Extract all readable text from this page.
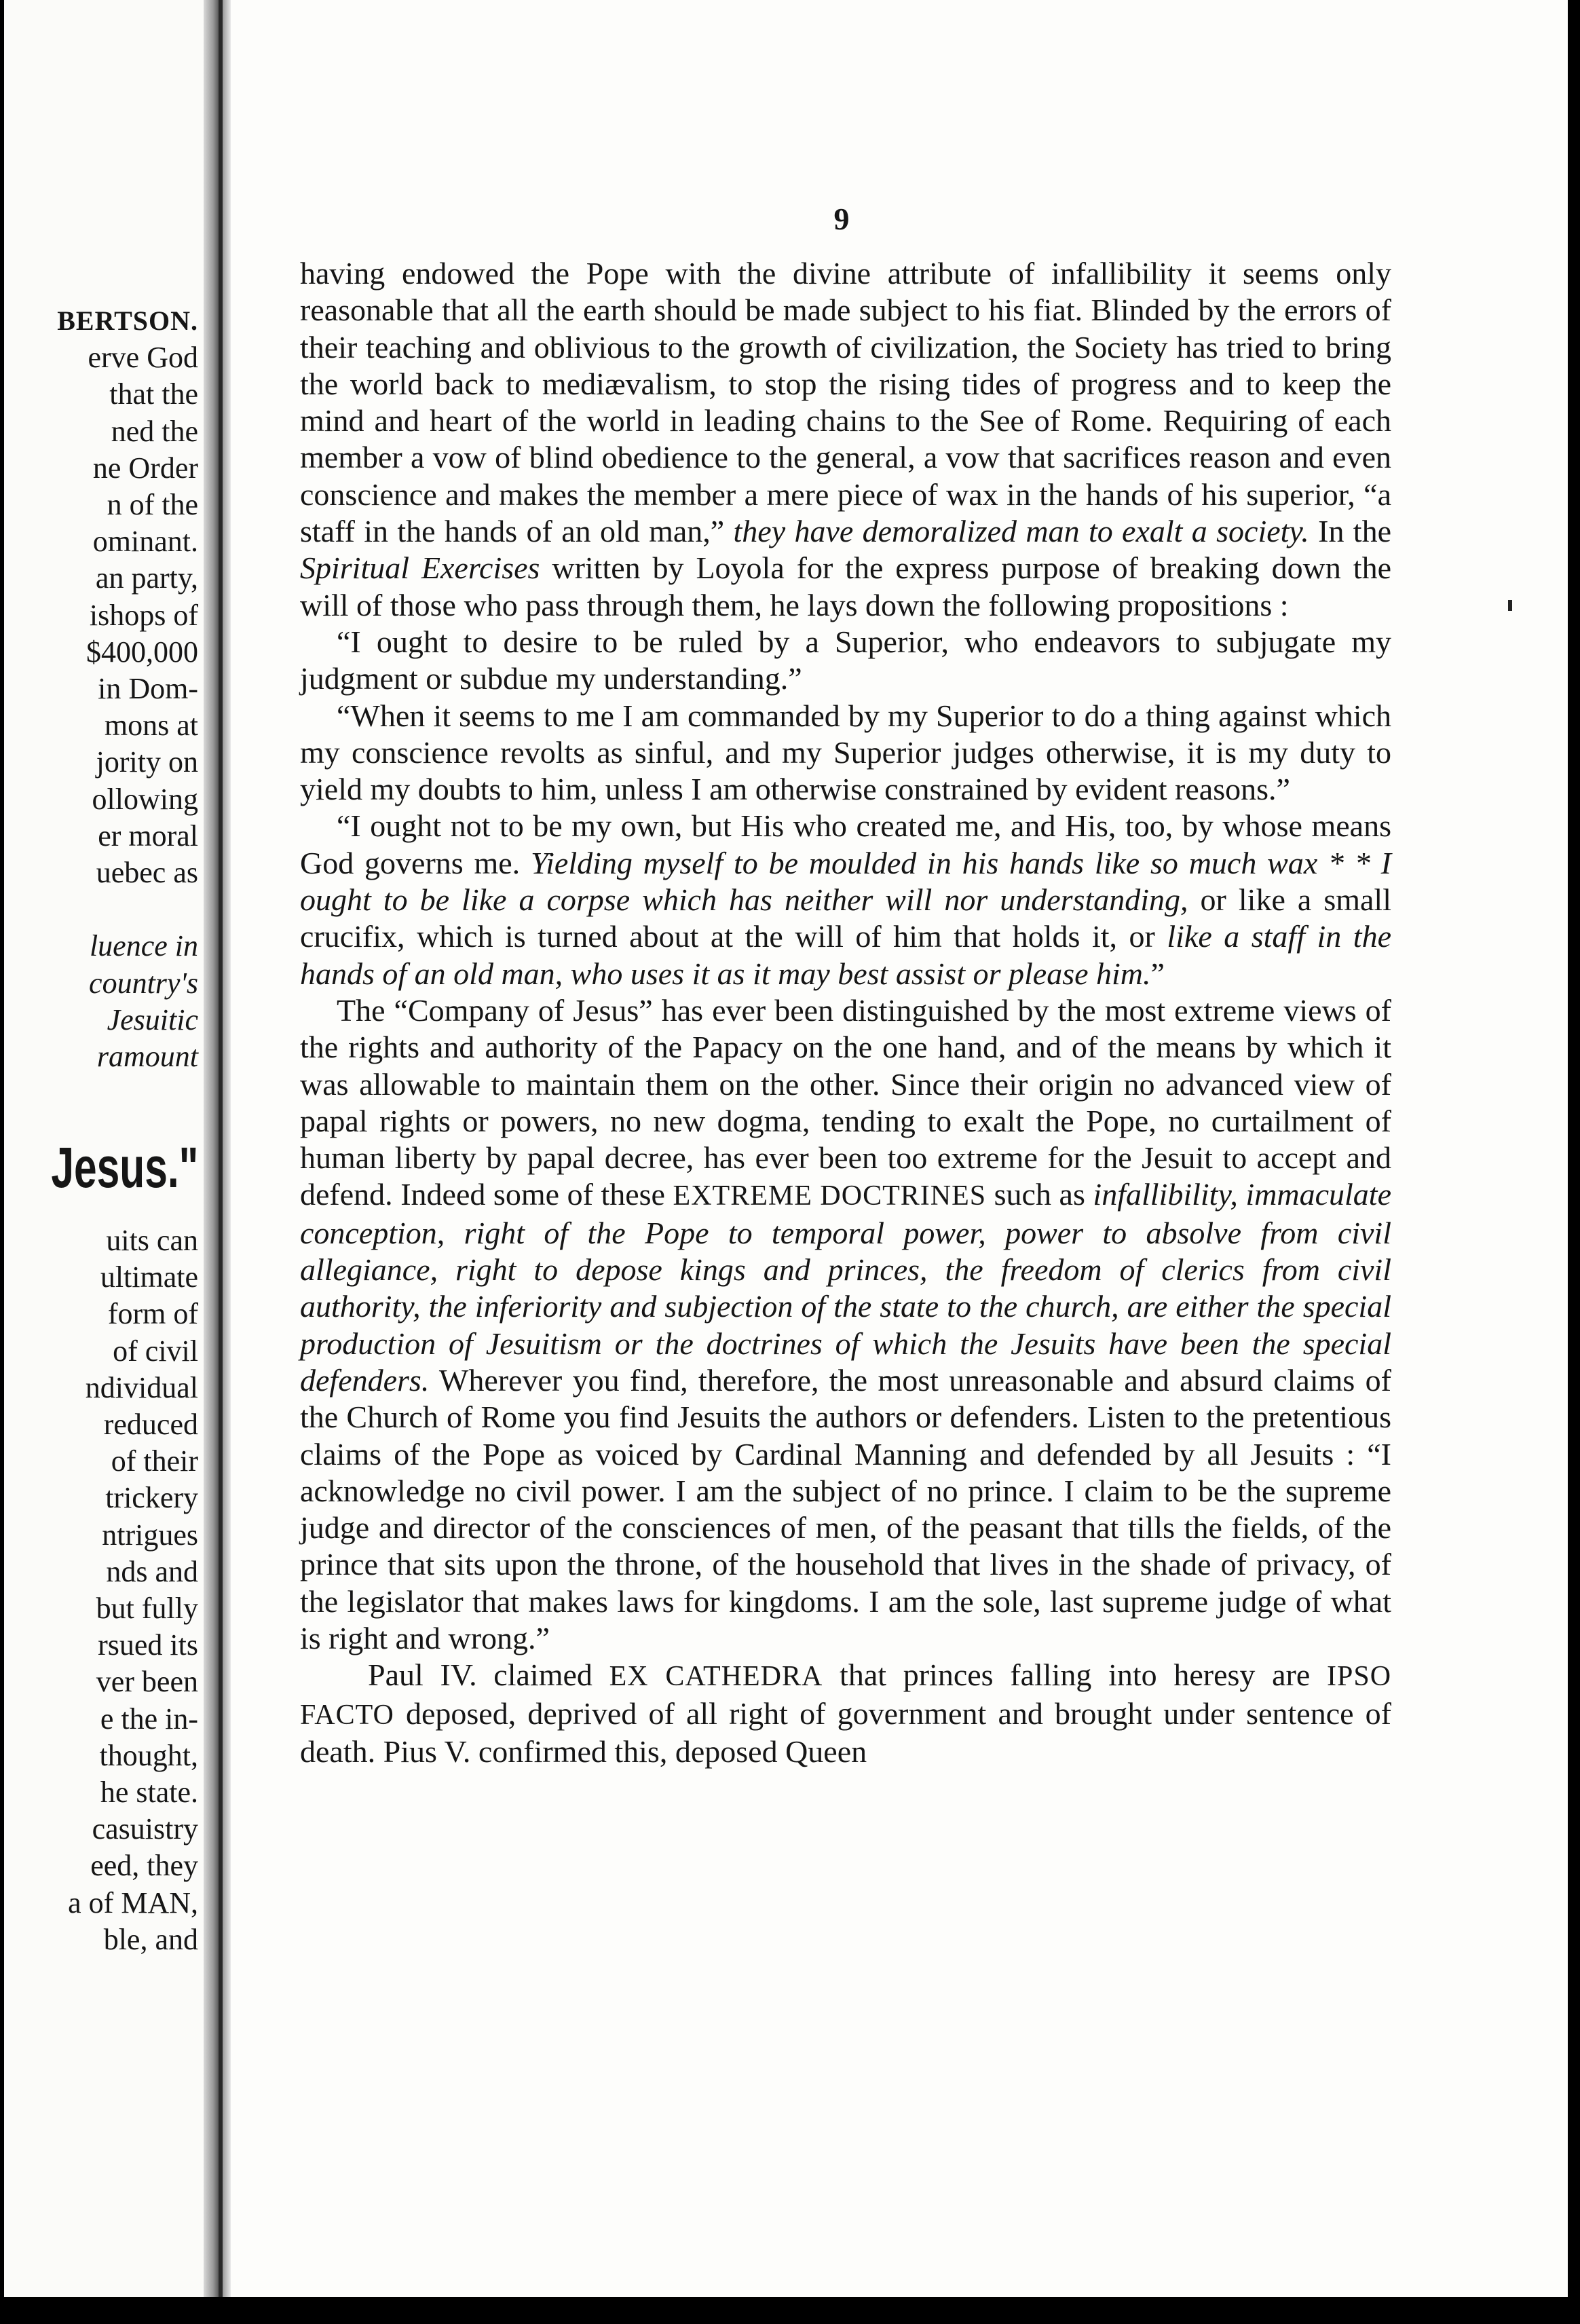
BERTSON.
erve God
that the
ned the
ne Order
n of the
ominant.
an party,
ishops of
$400,000
in Dom-
mons at
jority on
ollowing
er moral
uebec as
luence in
country's
Jesuitic
ramount
Jesus."
uits can
ultimate
form of
of civil
ndividual
reduced
of their
trickery
ntrigues
nds and
but fully
rsued its
ver been
e the in-
thought,
he state.
casuistry
eed, they
a of MAN,
ble, and
9

having endowed the Pope with the divine attribute of infallibility it seems only reasonable that all the earth should be made subject to his fiat. Blinded by the errors of their teaching and oblivious to the growth of civilization, the Society has tried to bring the world back to mediævalism, to stop the rising tides of progress and to keep the mind and heart of the world in leading chains to the See of Rome. Requiring of each member a vow of blind obedience to the general, a vow that sacrifices reason and even conscience and makes the member a mere piece of wax in the hands of his superior, “a staff in the hands of an old man,” they have demoralized man to exalt a society. In the Spiritual Exercises written by Loyola for the express purpose of breaking down the will of those who pass through them, he lays down the following propositions :

“I ought to desire to be ruled by a Superior, who endeavors to subjugate my judgment or subdue my understanding.”

“When it seems to me I am commanded by my Superior to do a thing against which my conscience revolts as sinful, and my Superior judges otherwise, it is my duty to yield my doubts to him, unless I am otherwise constrained by evident reasons.”

“I ought not to be my own, but His who created me, and His, too, by whose means God governs me. Yielding myself to be moulded in his hands like so much wax * * I ought to be like a corpse which has neither will nor understanding, or like a small crucifix, which is turned about at the will of him that holds it, or like a staff in the hands of an old man, who uses it as it may best assist or please him.”

The “Company of Jesus” has ever been distinguished by the most extreme views of the rights and authority of the Papacy on the one hand, and of the means by which it was allowable to maintain them on the other. Since their origin no advanced view of papal rights or powers, no new dogma, tending to exalt the Pope, no curtailment of human liberty by papal decree, has ever been too extreme for the Jesuit to accept and defend. Indeed some of these EXTREME DOCTRINES such as infallibility, immaculate conception, right of the Pope to temporal power, power to absolve from civil allegiance, right to depose kings and princes, the freedom of clerics from civil authority, the inferiority and subjection of the state to the church, are either the special production of Jesuitism or the doctrines of which the Jesuits have been the special defenders. Wherever you find, therefore, the most unreasonable and absurd claims of the Church of Rome you find Jesuits the authors or defenders. Listen to the pretentious claims of the Pope as voiced by Cardinal Manning and defended by all Jesuits : “I acknowledge no civil power. I am the subject of no prince. I claim to be the supreme judge and director of the consciences of men, of the peasant that tills the fields, of the prince that sits upon the throne, of the household that lives in the shade of privacy, of the legislator that makes laws for kingdoms. I am the sole, last supreme judge of what is right and wrong.”

Paul IV. claimed EX CATHEDRA that princes falling into heresy are IPSO FACTO deposed, deprived of all right of government and brought under sentence of death. Pius V. confirmed this, deposed Queen
